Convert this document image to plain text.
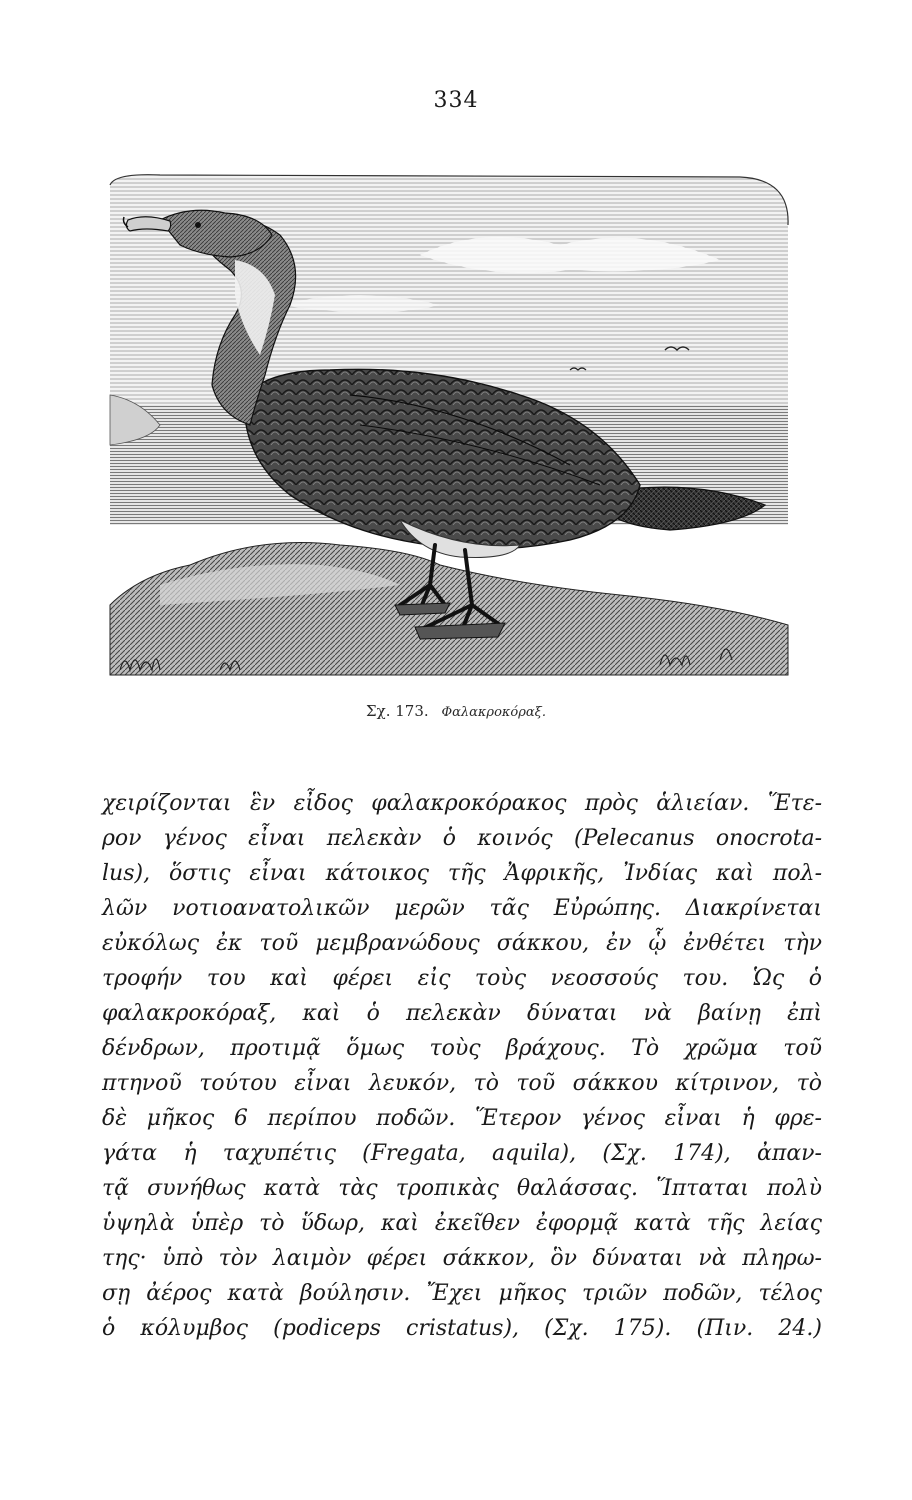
334
Σχ. 173. Φαλακροκόραξ.
χειρίζονται ἓν εἶδος φαλακροκόρακος πρὸς ἁλιείαν. Ἕτε-
ρον γένος εἶναι πελεκὰν ὁ κοινός (Pelecanus onocrota-
lus), ὅστις εἶναι κάτοικος τῆς Ἀφρικῆς, Ἰνδίας καὶ πολ-
λῶν νοτιοανατολικῶν μερῶν τᾶς Εὐρώπης. Διακρίνεται
εὐκόλως ἐκ τοῦ μεμβρανώδους σάκκου, ἐν ᾧ ἐνθέτει τὴν
τροφήν του καὶ φέρει εἰς τοὺς νεοσσούς του. Ὡς ὁ
φαλακροκόραξ, καὶ ὁ πελεκὰν δύναται νὰ βαίνῃ ἐπὶ
δένδρων, προτιμᾷ ὅμως τοὺς βράχους. Τὸ χρῶμα τοῦ
πτηνοῦ τούτου εἶναι λευκόν, τὸ τοῦ σάκκου κίτρινον, τὸ
δὲ μῆκος 6 περίπου ποδῶν. Ἕτερον γένος εἶναι ἡ φρε-
γάτα ἡ ταχυπέτις (Fregata, aquila), (Σχ. 174), ἀπαν-
τᾷ συνήθως κατὰ τὰς τροπικὰς θαλάσσας. Ἵπταται πολὺ
ὑψηλὰ ὑπὲρ τὸ ὕδωρ, καὶ ἐκεῖθεν ἐφορμᾷ κατὰ τῆς λείας
της· ὑπὸ τὸν λαιμὸν φέρει σάκκον, ὃν δύναται νὰ πληρω-
σῃ ἀέρος κατὰ βούλησιν. Ἔχει μῆκος τριῶν ποδῶν, τέλος
ὁ κόλυμβος (podiceps cristatus), (Σχ. 175). (Πιν. 24.)
